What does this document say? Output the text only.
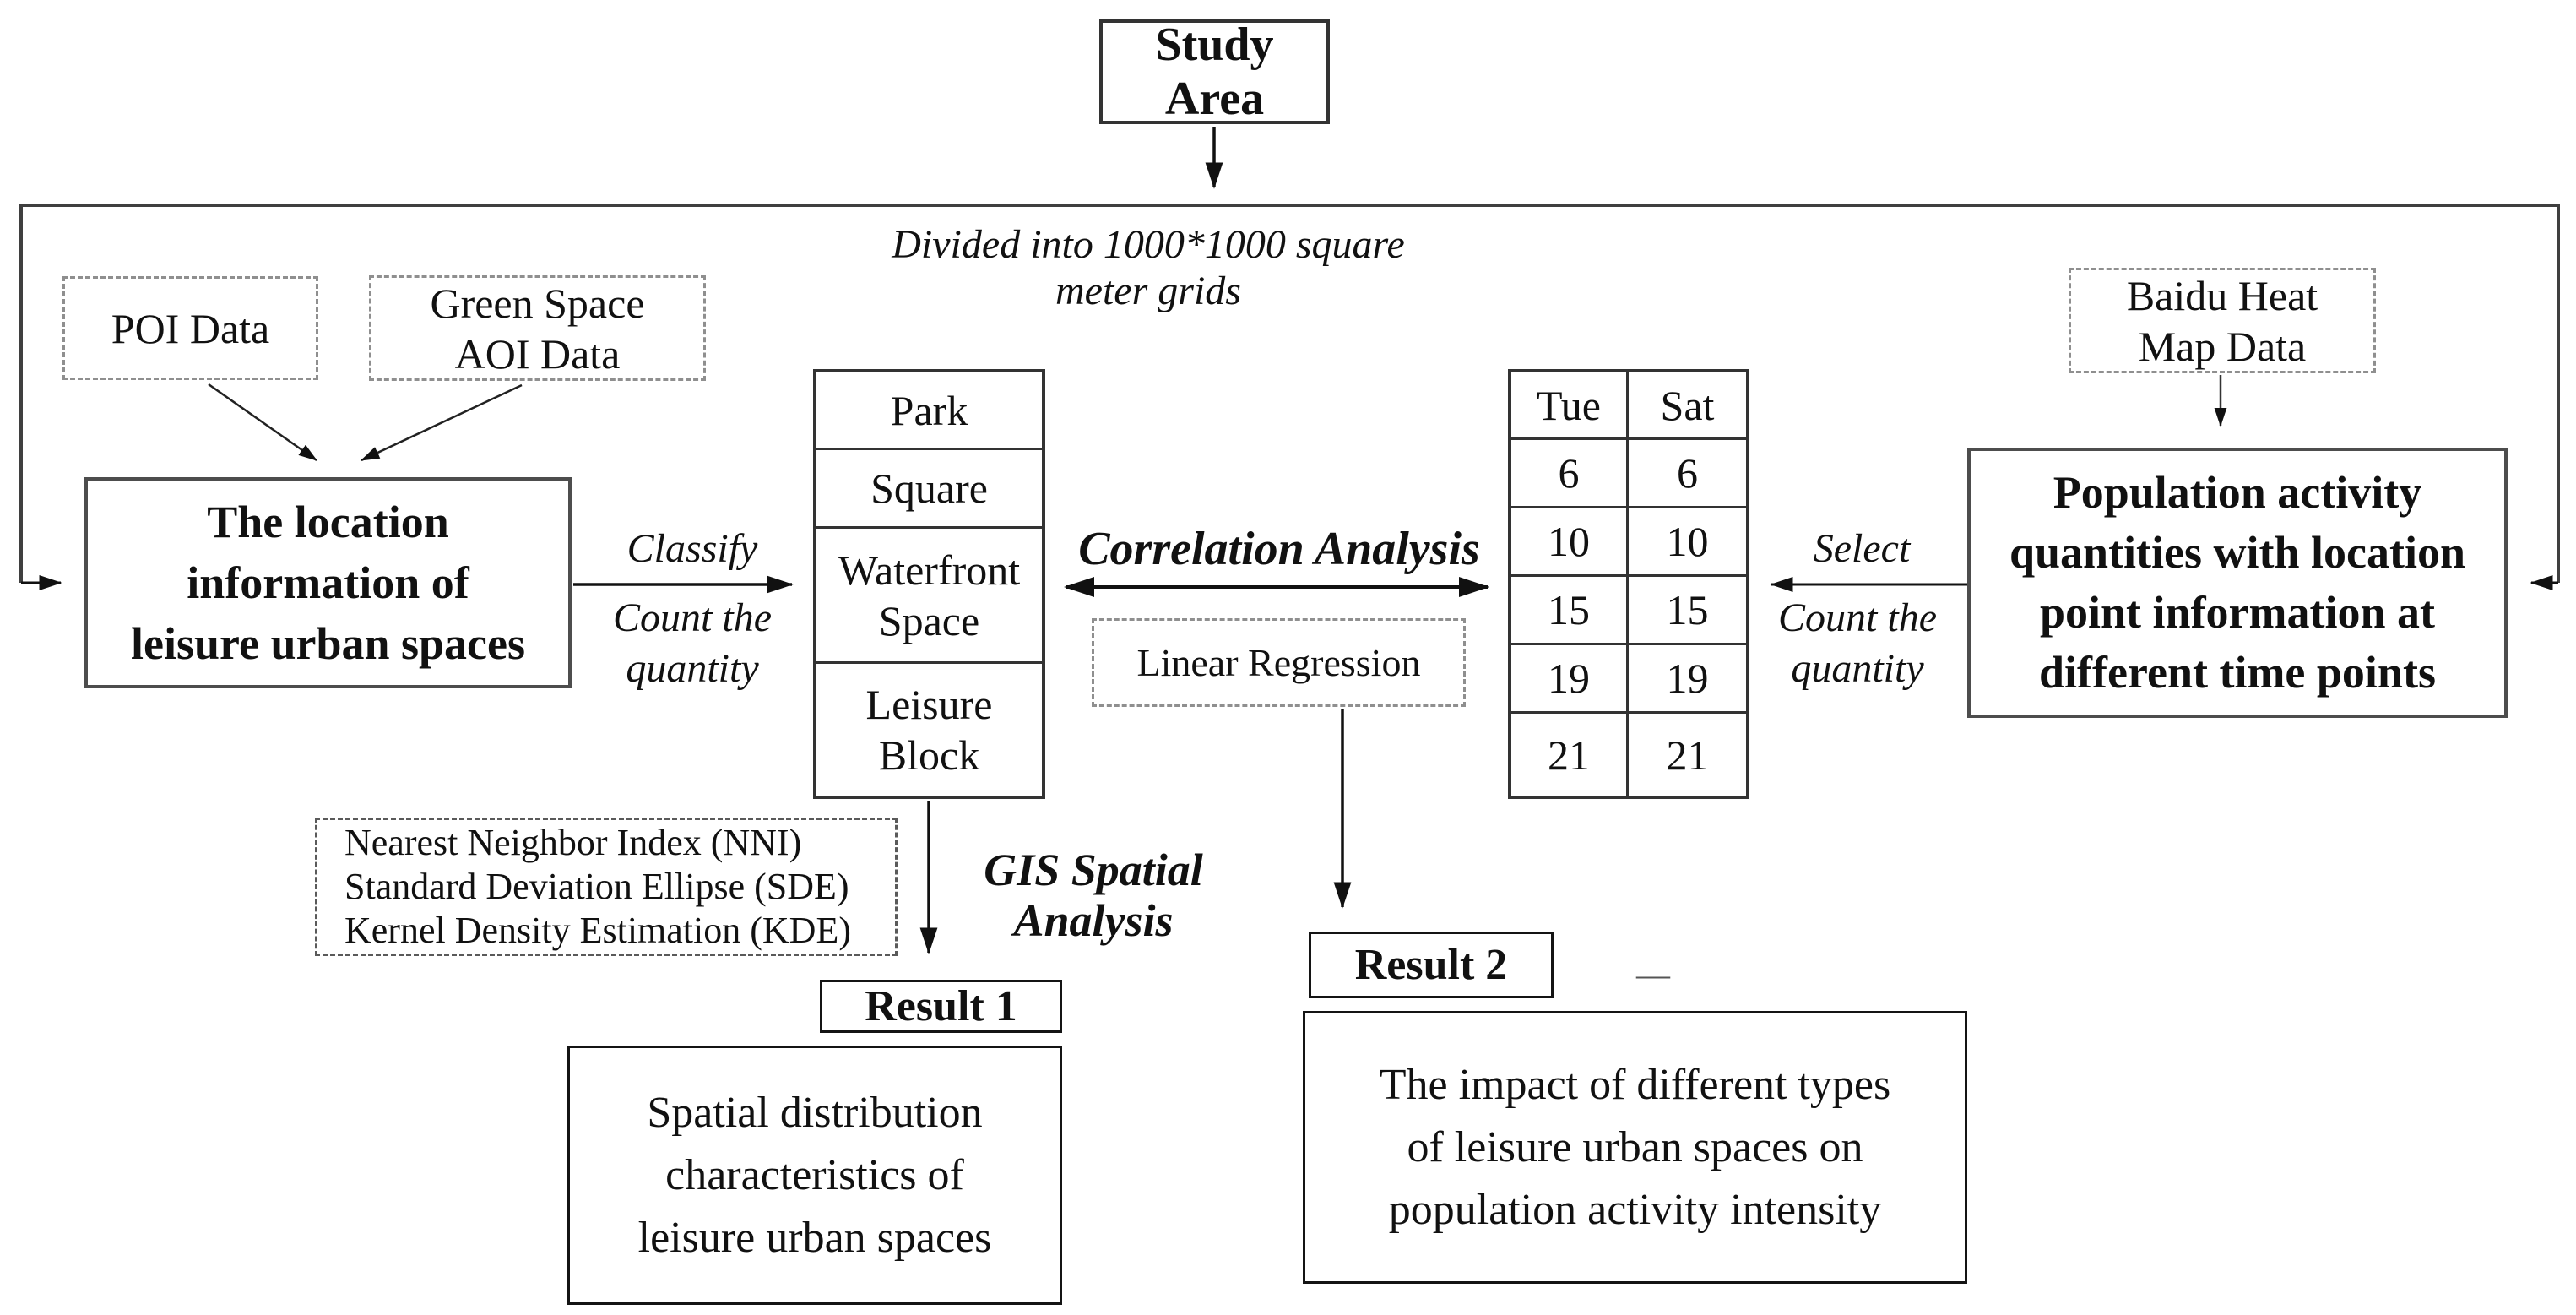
Study Area
Divided into 1000*1000 square meter grids
POI Data
Green Space
AOI Data
The location
information of
leisure urban spaces
Classify
Count the
quantity
Park
Square
Waterfront
Space
Leisure
Block
Correlation Analysis
Linear Regression
Tue Sat
6 6
10 10
15 15
19 19
21 21
Select
Count the
quantity
Baidu Heat
Map Data
Population activity
quantities with location
point information at
different time points
Nearest Neighbor Index (NNI)
Standard Deviation Ellipse (SDE)
Kernel Density Estimation (KDE)
GIS Spatial
Analysis
Result 1
Spatial distribution
characteristics of
leisure urban spaces
Result 2	—
The impact of different types
of leisure urban spaces on
population activity intensity
